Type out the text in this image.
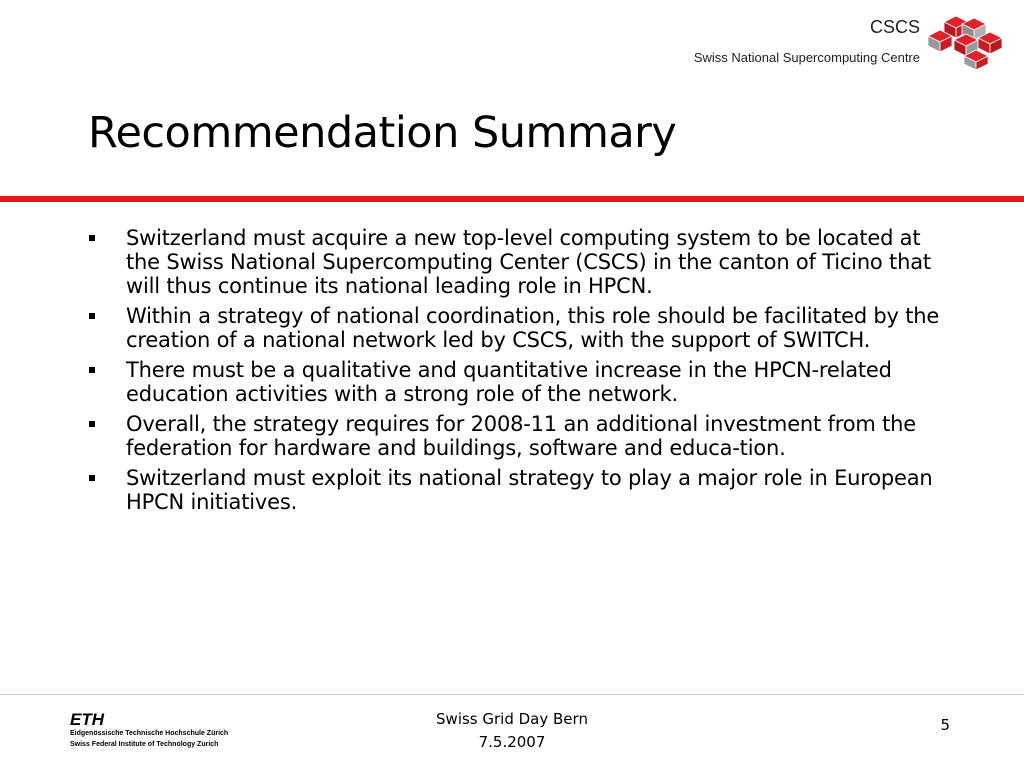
CSCS
Swiss National Supercomputing Centre
Recommendation Summary
Switzerland must acquire a new top-level computing system to be located at the Swiss National Supercomputing Center (CSCS) in the canton of Ticino that will thus continue its national leading role in HPCN.
Within a strategy of national coordination, this role should be facilitated by the creation of a national network led by CSCS, with the support of SWITCH.
There must be a qualitative and quantitative increase in the HPCN-related education activities with a strong role of the network.
Overall, the strategy requires for 2008-11 an additional investment from the federation for hardware and buildings, software and educa-tion.
Switzerland must exploit its national strategy to play a major role in European HPCN initiatives.
ETH
Eidgenössische Technische Hochschule Zürich
Swiss Federal Institute of Technology Zurich
Swiss Grid Day Bern
7.5.2007
5
